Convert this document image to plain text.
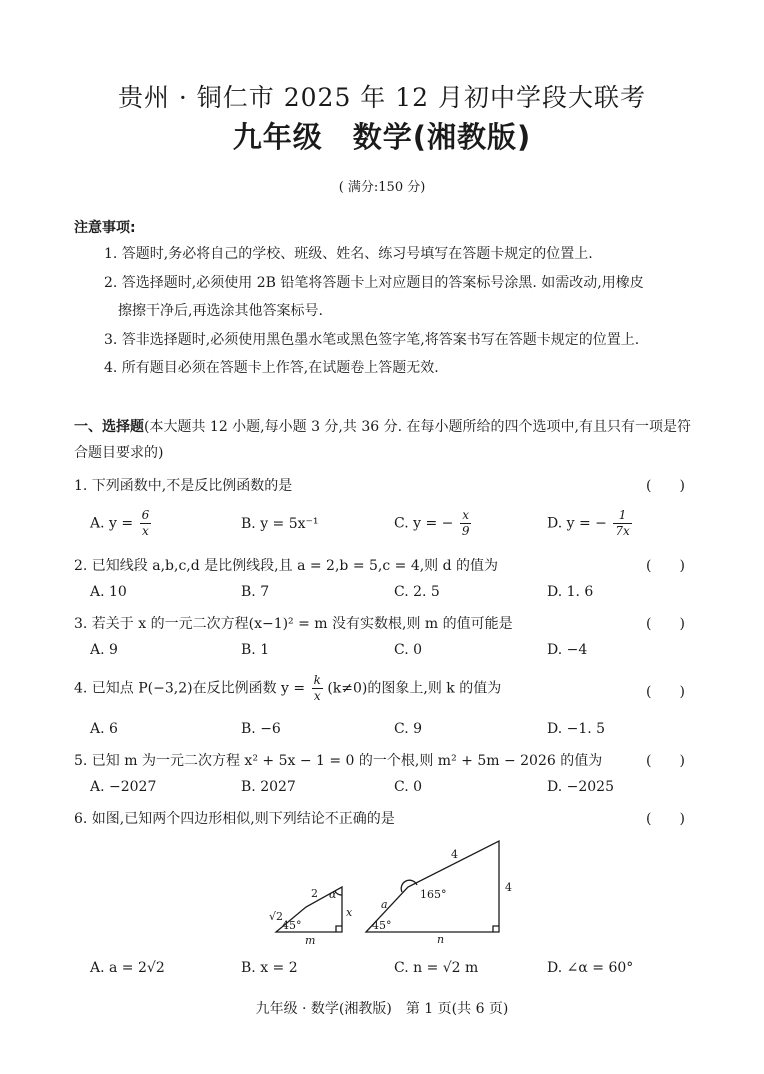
贵州 · 铜仁市 2025 年 12 月初中学段大联考
九年级　数学(湘教版)
( 满分:150 分)
注意事项:
1. 答题时,务必将自己的学校、班级、姓名、练习号填写在答题卡规定的位置上.
2. 答选择题时,必须使用 2B 铅笔将答题卡上对应题目的答案标号涂黑. 如需改动,用橡皮
擦擦干净后,再选涂其他答案标号.
3. 答非选择题时,必须使用黑色墨水笔或黑色签字笔,将答案书写在答题卡规定的位置上.
4. 所有题目必须在答题卡上作答,在试题卷上答题无效.
一、选择题(本大题共 12 小题,每小题 3 分,共 36 分. 在每小题所给的四个选项中,有且只有一项是符合题目要求的)
1. 下列函数中,不是反比例函数的是	(　　)
A. $y = \frac{6}{x}$	B. y = 5x⁻¹	C. y = − $\frac{x}{9}$	D. y = − $\frac{1}{7x}$
2. 已知线段 a,b,c,d 是比例线段,且 a = 2,b = 5,c = 4,则 d 的值为	(　　)
A. 10	B. 7	C. 2. 5	D. 1. 6
3. 若关于 x 的一元二次方程(x−1)² = m 没有实数根,则 m 的值可能是	(　　)
A. 9	B. 1	C. 0	D. −4
4. 已知点 P(−3,2)在反比例函数 $y = \frac{k}{x} (k\ne 0)$的图象上,则 k 的值为	(　　)
A. 6	B. −6	C. 9	D. −1. 5
5. 已知 m 为一元二次方程 x² + 5x − 1 = 0 的一个根,则 m² + 5m − 2026 的值为	(　　)
A. −2027	B. 2027	C. 0	D. −2025
6. 如图,已知两个四边形相似,则下列结论不正确的是	(　　)
√2
2 α
x
45°
m
4
165°
4
a
45°
n
A. a = 2√2	B. x = 2	C. n = √2 m	D. ∠α = 60°
九年级 · 数学(湘教版)　第 1 页(共 6 页)
